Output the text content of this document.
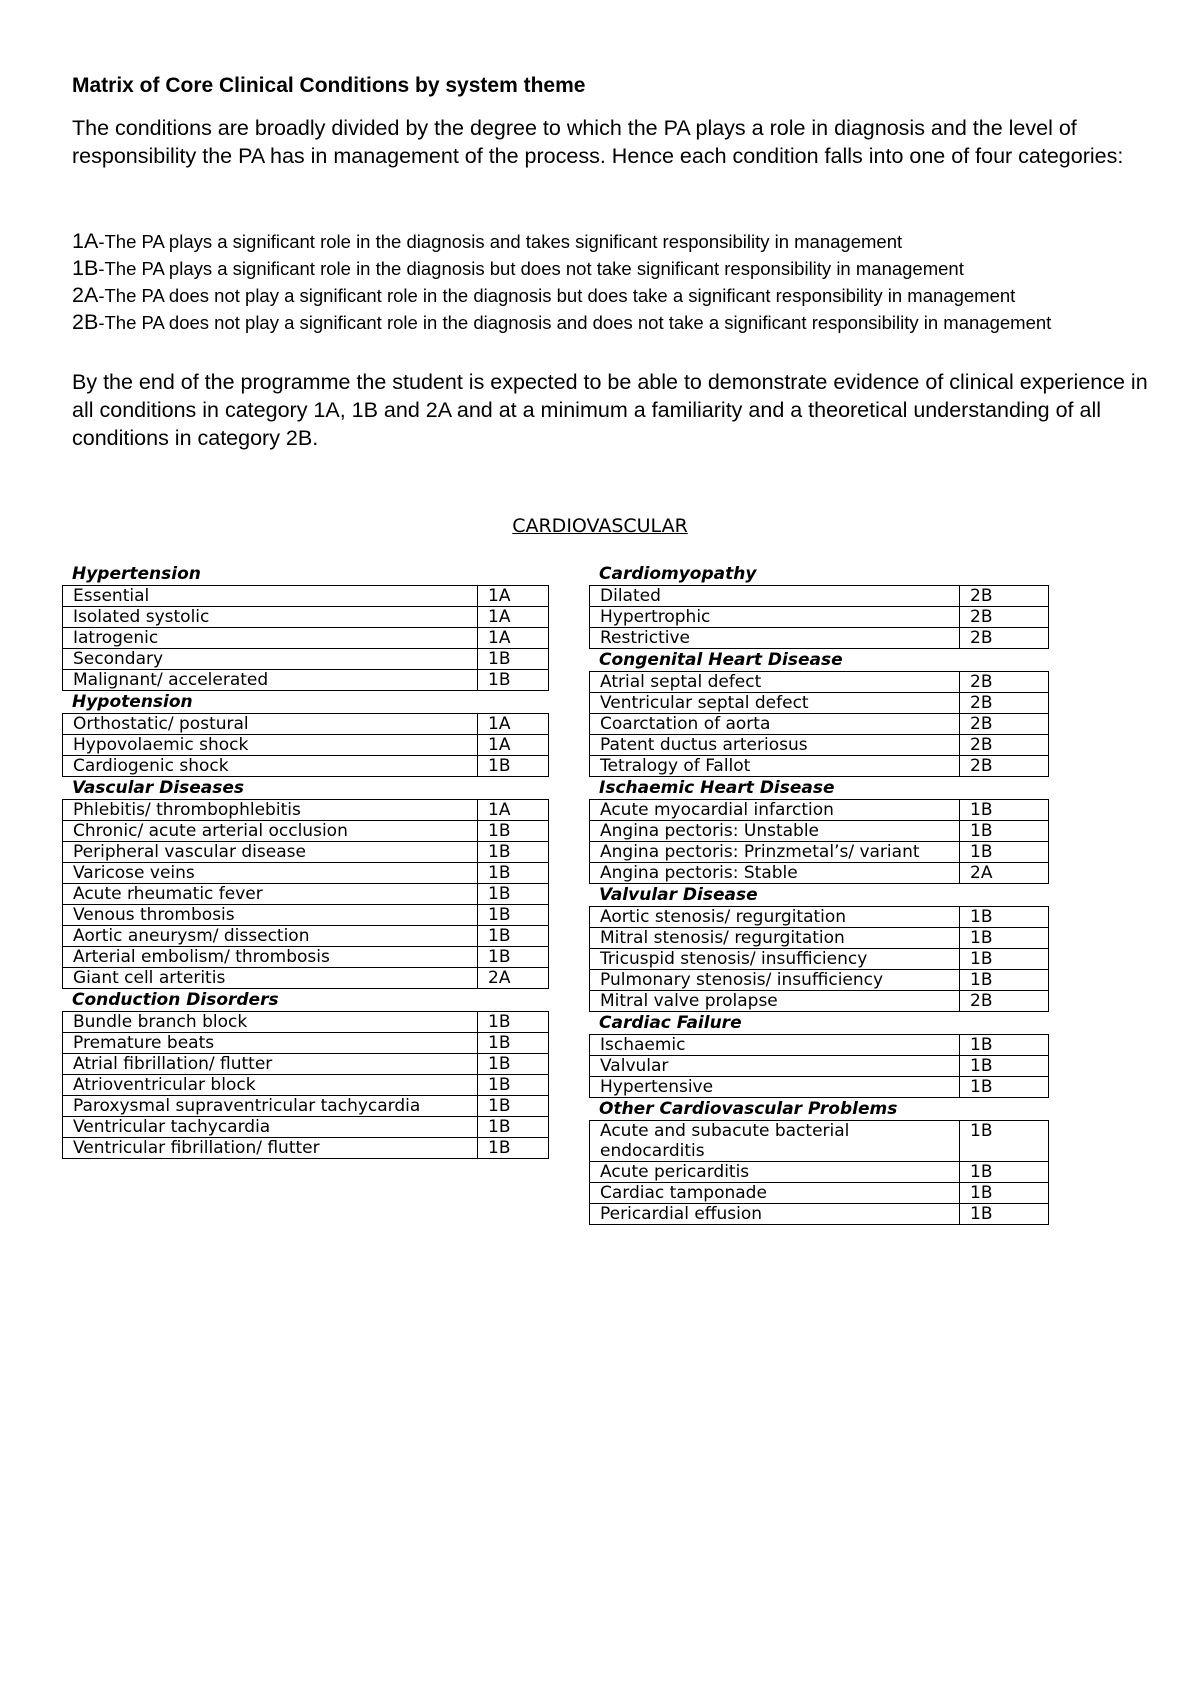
Matrix of Core Clinical Conditions by system theme

The conditions are broadly divided by the degree to which the PA plays a role in diagnosis and the level of responsibility the PA has in management of the process. Hence each condition falls into one of four categories:

1A-The PA plays a significant role in the diagnosis and takes significant responsibility in management
1B-The PA plays a significant role in the diagnosis but does not take significant responsibility in management
2A-The PA does not play a significant role in the diagnosis but does take a significant responsibility in management
2B-The PA does not play a significant role in the diagnosis and does not take a significant responsibility in management

By the end of the programme the student is expected to be able to demonstrate evidence of clinical experience in all conditions in category 1A, 1B and 2A and at a minimum a familiarity and a theoretical understanding of all conditions in category 2B.

CARDIOVASCULAR
Hypertension
Essential	1A
Isolated systolic	1A
Iatrogenic	1A
Secondary	1B
Malignant/ accelerated	1B
Hypotension
Orthostatic/ postural	1A
Hypovolaemic shock	1A
Cardiogenic shock	1B
Vascular Diseases
Phlebitis/ thrombophlebitis	1A
Chronic/ acute arterial occlusion	1B
Peripheral vascular disease	1B
Varicose veins	1B
Acute rheumatic fever	1B
Venous thrombosis	1B
Aortic aneurysm/ dissection	1B
Arterial embolism/ thrombosis	1B
Giant cell arteritis	2A
Conduction Disorders
Bundle branch block	1B
Premature beats	1B
Atrial fibrillation/ flutter	1B
Atrioventricular block	1B
Paroxysmal supraventricular tachycardia	1B
Ventricular tachycardia	1B
Ventricular fibrillation/ flutter	1B
Cardiomyopathy
Dilated	2B
Hypertrophic	2B
Restrictive	2B
Congenital Heart Disease
Atrial septal defect	2B
Ventricular septal defect	2B
Coarctation of aorta	2B
Patent ductus arteriosus	2B
Tetralogy of Fallot	2B
Ischaemic Heart Disease
Acute myocardial infarction	1B
Angina pectoris: Unstable	1B
Angina pectoris: Prinzmetal’s/ variant	1B
Angina pectoris: Stable	2A
Valvular Disease
Aortic stenosis/ regurgitation	1B
Mitral stenosis/ regurgitation	1B
Tricuspid stenosis/ insufficiency	1B
Pulmonary stenosis/ insufficiency	1B
Mitral valve prolapse	2B
Cardiac Failure
Ischaemic	1B
Valvular	1B
Hypertensive	1B
Other Cardiovascular Problems
Acute and subacute bacterial endocarditis	1B
Acute pericarditis	1B
Cardiac tamponade	1B
Pericardial effusion	1B
